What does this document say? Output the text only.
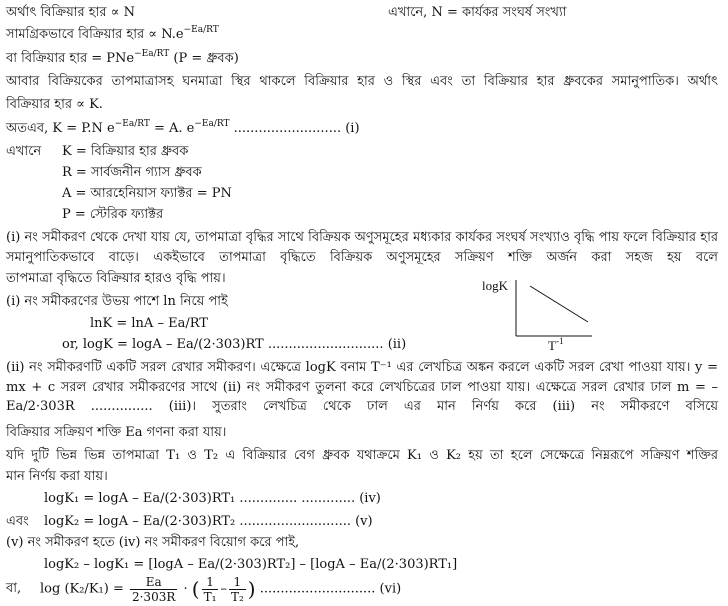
অর্থাৎ বিক্রিয়ার হার ∝ N	এখানে, N = কার্যকর সংঘর্ষ সংখ্যা
সামগ্রিকভাবে বিক্রিয়ার হার ∝ $N.e^{-Ea/RT}$
বা বিক্রিয়ার হার = PNe$^{-Ea/RT}$ (P = ধ্রুবক)
আবার বিক্রিয়কের তাপমাত্রাসহ ঘনমাত্রা স্থির থাকলে বিক্রিয়ার হার ও স্থির এবং তা বিক্রিয়ার হার ধ্রুবকের সমানুপাতিক। অর্থাৎ
বিক্রিয়ার হার ∝ K.
অতএব, K = P.N $e^{-Ea/RT} = A$. $e^{-Ea/RT}$ .......................... (i)
এখানে K = বিক্রিয়ার হার ধ্রুবক
R = সার্বজনীন গ্যাস ধ্রুবক
A = আরহেনিয়াস ফ্যাক্টর = PN
P = স্টেরিক ফ্যাক্টর
(i) নং সমীকরণ থেকে দেখা যায় যে, তাপমাত্রা বৃদ্ধির সাথে বিক্রিয়ক অণুসমূহের মধ্যকার কার্যকর সংঘর্ষ সংখ্যাও বৃদ্ধি পায় ফলে বিক্রিয়ার হার সমানুপাতিকভাবে বাড়ে। একইভাবে তাপমাত্রা বৃদ্ধিতে বিক্রিয়ক অণুসমূহের সক্রিয়ণ শক্তি অর্জন করা সহজ হয় বলে
তাপমাত্রা বৃদ্ধিতে বিক্রিয়ার হারও বৃদ্ধি পায়।
(i) নং সমীকরণের উভয় পাশে ln নিয়ে পাই
lnK = lnA – Ea/RT
or, logK = logA – Ea/(2·303)RT ............................ (ii)
logK
T -1
(ii) নং সমীকরণটি একটি সরল রেখার সমীকরণ। এক্ষেত্রে logK বনাম T⁻¹ এর লেখচিত্র অঙ্কন করলে একটি সরল রেখা পাওয়া যায়। y = mx + c সরল রেখার সমীকরণের সাথে (ii) নং সমীকরণ তুলনা করে লেখচিত্রের ঢাল পাওয়া যায়। এক্ষেত্রে সরল রেখার ঢাল m = – Ea/2·303R ............... (iii)। সুতরাং লেখচিত্র থেকে ঢাল এর মান নির্ণয় করে (iii) নং সমীকরণে বসিয়ে
বিক্রিয়ার সক্রিয়ণ শক্তি Ea গণনা করা যায়।
যদি দুটি ভিন্ন ভিন্ন তাপমাত্রা T₁ ও T₂ এ বিক্রিয়ার বেগ ধ্রুবক যথাক্রমে K₁ ও K₂ হয় তা হলে সেক্ষেত্রে নিম্নরূপে সক্রিয়ণ শক্তির
মান নির্ণয় করা যায়।
logK₁ = logA – Ea/(2·303)RT₁ .............. ............. (iv)
এবং logK₂ = logA – Ea/(2·303)RT₂ ........................... (v)
(v) নং সমীকরণ হতে (iv) নং সমীকরণ বিয়োগ করে পাই,
logK₂ – logK₁ = [logA – Ea/(2·303)RT₂] – [logA – Ea/(2·303)RT₁]
বা, $\log (K_2/K_1) = \frac{Ea}{2\cdot 303R}$ · ( $\frac{1}{\text{T₁}} - \frac{1}{\text{T₂}}$ ) ............................ (vi)
